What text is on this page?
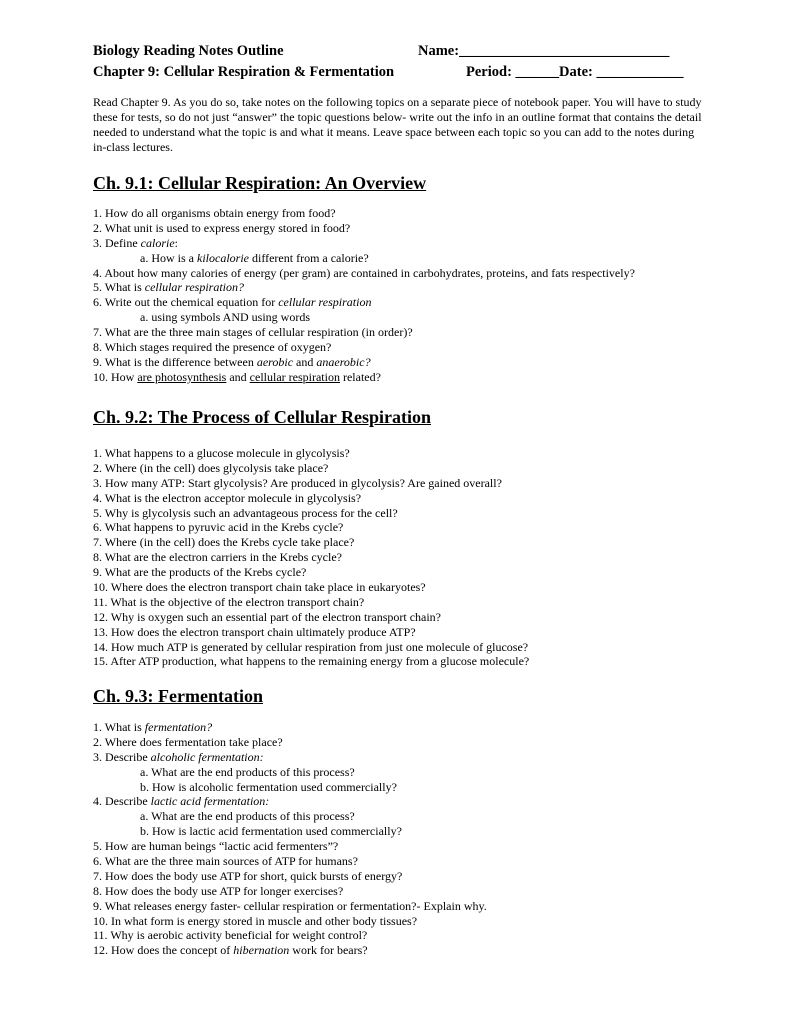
Biology Reading Notes Outline	Name:_____________________________
Chapter 9: Cellular Respiration & Fermentation	Period: ______Date: ____________
Read Chapter 9. As you do so, take notes on the following topics on a separate piece of notebook paper. You will have to study these for tests, so do not just “answer” the topic questions below- write out the info in an outline format that contains the detail needed to understand what the topic is and what it means. Leave space between each topic so you can add to the notes during in-class lectures.
Ch. 9.1: Cellular Respiration: An Overview
1. How do all organisms obtain energy from food?
2. What unit is used to express energy stored in food?
3. Define calorie:
a. How is a kilocalorie different from a calorie?
4. About how many calories of energy (per gram) are contained in carbohydrates, proteins, and fats respectively?
5. What is cellular respiration?
6. Write out the chemical equation for cellular respiration
a. using symbols AND using words
7. What are the three main stages of cellular respiration (in order)?
8. Which stages required the presence of oxygen?
9. What is the difference between aerobic and anaerobic?
10. How are photosynthesis and cellular respiration related?
Ch. 9.2: The Process of Cellular Respiration
1. What happens to a glucose molecule in glycolysis?
2. Where (in the cell) does glycolysis take place?
3. How many ATP: Start glycolysis? Are produced in glycolysis? Are gained overall?
4. What is the electron acceptor molecule in glycolysis?
5. Why is glycolysis such an advantageous process for the cell?
6. What happens to pyruvic acid in the Krebs cycle?
7. Where (in the cell) does the Krebs cycle take place?
8. What are the electron carriers in the Krebs cycle?
9. What are the products of the Krebs cycle?
10. Where does the electron transport chain take place in eukaryotes?
11. What is the objective of the electron transport chain?
12. Why is oxygen such an essential part of the electron transport chain?
13. How does the electron transport chain ultimately produce ATP?
14. How much ATP is generated by cellular respiration from just one molecule of glucose?
15. After ATP production, what happens to the remaining energy from a glucose molecule?
Ch. 9.3: Fermentation
1. What is fermentation?
2. Where does fermentation take place?
3. Describe alcoholic fermentation:
a. What are the end products of this process?
b. How is alcoholic fermentation used commercially?
4. Describe lactic acid fermentation:
a. What are the end products of this process?
b. How is lactic acid fermentation used commercially?
5. How are human beings “lactic acid fermenters”?
6. What are the three main sources of ATP for humans?
7. How does the body use ATP for short, quick bursts of energy?
8. How does the body use ATP for longer exercises?
9. What releases energy faster- cellular respiration or fermentation?- Explain why.
10. In what form is energy stored in muscle and other body tissues?
11. Why is aerobic activity beneficial for weight control?
12. How does the concept of hibernation work for bears?
